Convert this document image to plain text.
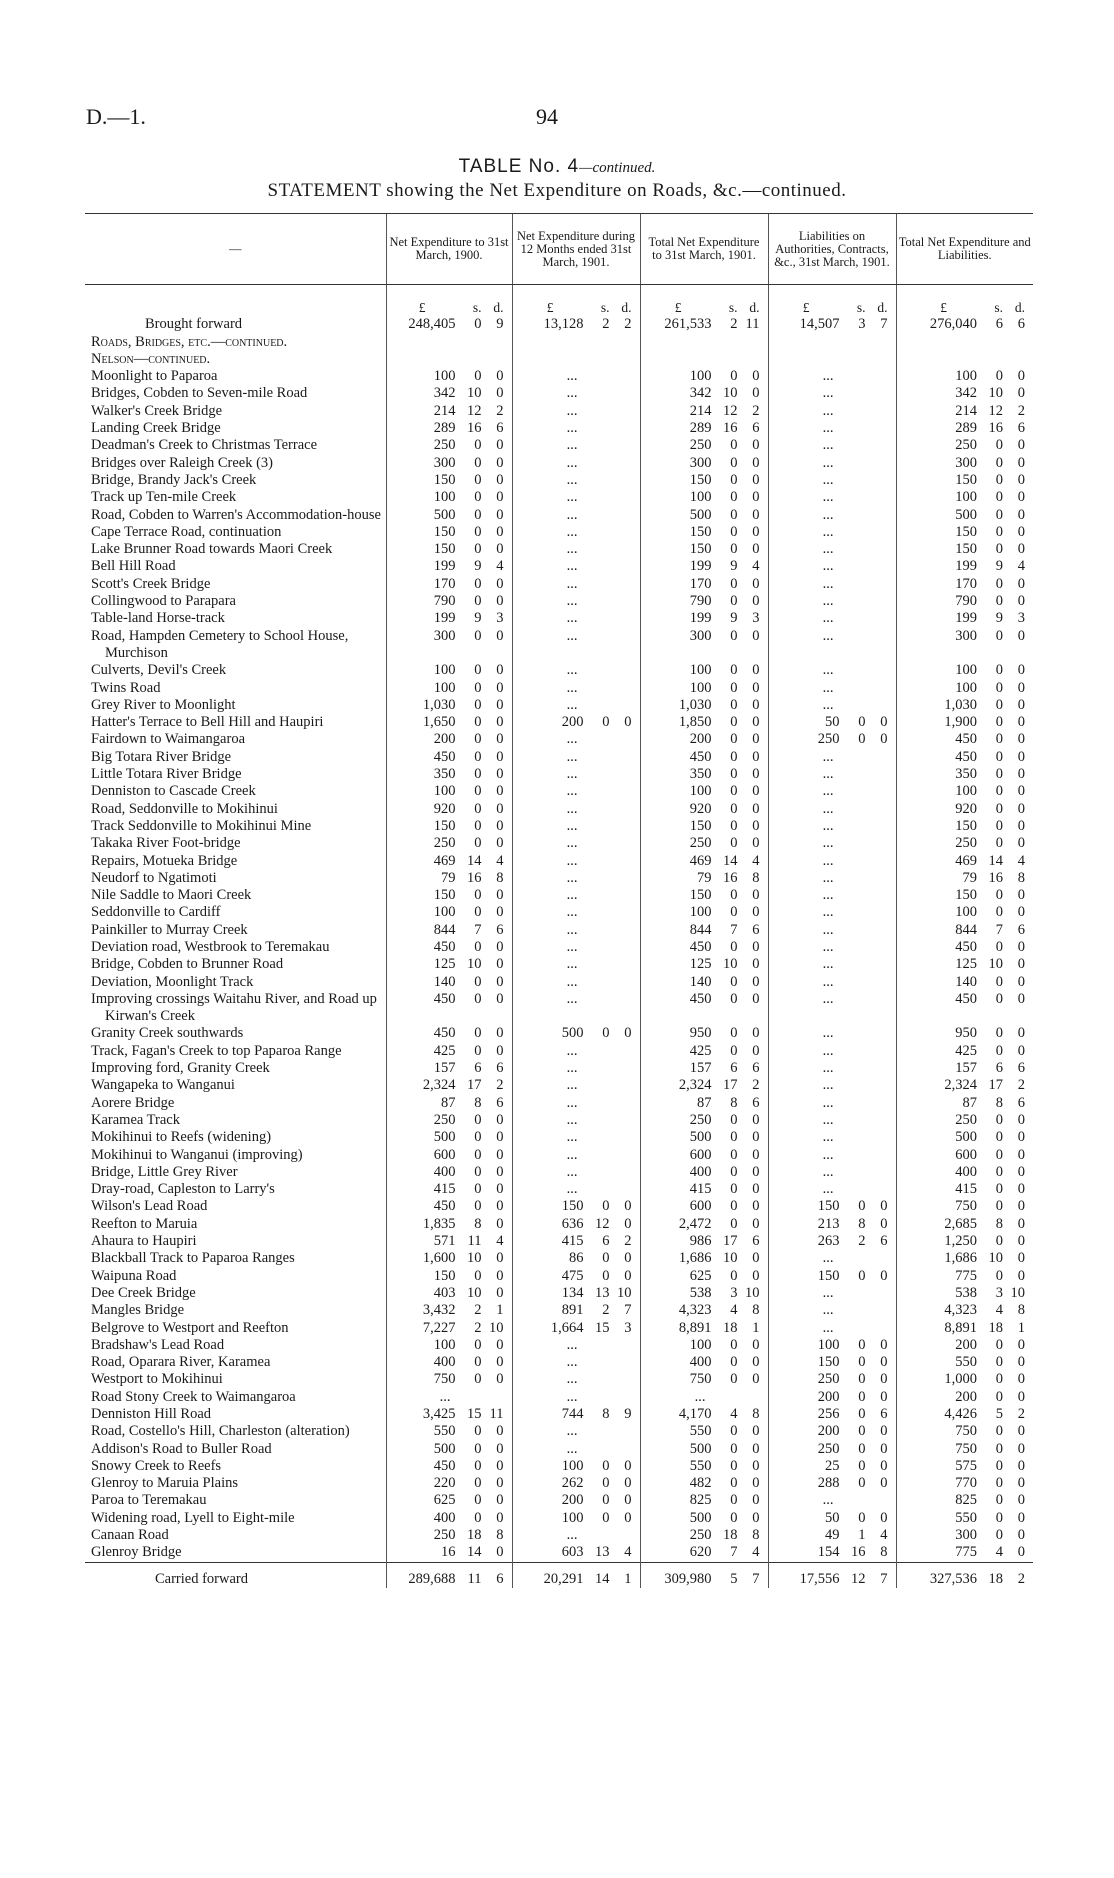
D.—1.	94
TABLE No. 4—continued.
STATEMENT showing the Net Expenditure on Roads, &c.—continued.
—	Net Expenditure to 31st March, 1900.	Net Expenditure during 12 Months ended 31st March, 1901.	Total Net Expenditure to 31st March, 1901.	Liabilities on Authorities, Contracts, &c., 31st March, 1901.	Total Net Expenditure and Liabilities.

	£ s. d.	£ s. d.	£ s. d.	£ s. d.	£ s. d.

Brought forward	248,405 0 9	13,128 2 2	261,533 2 11	14,507 3 7	276,040 6 6

Roads, Bridges, etc.—continued.					
Nelson—continued.					
Moonlight to Paparoa	100 0 0	...	100 0 0	...	100 0 0

Bridges, Cobden to Seven-mile Road	342 10 0	...	342 10 0	...	342 10 0

Walker's Creek Bridge	214 12 2	...	214 12 2	...	214 12 2

Landing Creek Bridge	289 16 6	...	289 16 6	...	289 16 6

Deadman's Creek to Christmas Terrace	250 0 0	...	250 0 0	...	250 0 0

Bridges over Raleigh Creek (3)	300 0 0	...	300 0 0	...	300 0 0

Bridge, Brandy Jack's Creek	150 0 0	...	150 0 0	...	150 0 0

Track up Ten-mile Creek	100 0 0	...	100 0 0	...	100 0 0

Road, Cobden to Warren's Accommodation-house	500 0 0	...	500 0 0	...	500 0 0

Cape Terrace Road, continuation	150 0 0	...	150 0 0	...	150 0 0

Lake Brunner Road towards Maori Creek	150 0 0	...	150 0 0	...	150 0 0

Bell Hill Road	199 9 4	...	199 9 4	...	199 9 4

Scott's Creek Bridge	170 0 0	...	170 0 0	...	170 0 0

Collingwood to Parapara	790 0 0	...	790 0 0	...	790 0 0

Table-land Horse-track	199 9 3	...	199 9 3	...	199 9 3

Road, Hampden Cemetery to School House, Murchison	300 0 0	...	300 0 0	...	300 0 0

Culverts, Devil's Creek	100 0 0	...	100 0 0	...	100 0 0

Twins Road	100 0 0	...	100 0 0	...	100 0 0

Grey River to Moonlight	1,030 0 0	...	1,030 0 0	...	1,030 0 0

Hatter's Terrace to Bell Hill and Haupiri	1,650 0 0	200 0 0	1,850 0 0	50 0 0	1,900 0 0

Fairdown to Waimangaroa	200 0 0	...	200 0 0	250 0 0	450 0 0

Big Totara River Bridge	450 0 0	...	450 0 0	...	450 0 0

Little Totara River Bridge	350 0 0	...	350 0 0	...	350 0 0

Denniston to Cascade Creek	100 0 0	...	100 0 0	...	100 0 0

Road, Seddonville to Mokihinui	920 0 0	...	920 0 0	...	920 0 0

Track Seddonville to Mokihinui Mine	150 0 0	...	150 0 0	...	150 0 0

Takaka River Foot-bridge	250 0 0	...	250 0 0	...	250 0 0

Repairs, Motueka Bridge	469 14 4	...	469 14 4	...	469 14 4

Neudorf to Ngatimoti	79 16 8	...	79 16 8	...	79 16 8

Nile Saddle to Maori Creek	150 0 0	...	150 0 0	...	150 0 0

Seddonville to Cardiff	100 0 0	...	100 0 0	...	100 0 0

Painkiller to Murray Creek	844 7 6	...	844 7 6	...	844 7 6

Deviation road, Westbrook to Teremakau	450 0 0	...	450 0 0	...	450 0 0

Bridge, Cobden to Brunner Road	125 10 0	...	125 10 0	...	125 10 0

Deviation, Moonlight Track	140 0 0	...	140 0 0	...	140 0 0

Improving crossings Waitahu River, and Road up Kirwan's Creek	450 0 0	...	450 0 0	...	450 0 0

Granity Creek southwards	450 0 0	500 0 0	950 0 0	...	950 0 0

Track, Fagan's Creek to top Paparoa Range	425 0 0	...	425 0 0	...	425 0 0

Improving ford, Granity Creek	157 6 6	...	157 6 6	...	157 6 6

Wangapeka to Wanganui	2,324 17 2	...	2,324 17 2	...	2,324 17 2

Aorere Bridge	87 8 6	...	87 8 6	...	87 8 6

Karamea Track	250 0 0	...	250 0 0	...	250 0 0

Mokihinui to Reefs (widening)	500 0 0	...	500 0 0	...	500 0 0

Mokihinui to Wanganui (improving)	600 0 0	...	600 0 0	...	600 0 0

Bridge, Little Grey River	400 0 0	...	400 0 0	...	400 0 0

Dray-road, Capleston to Larry's	415 0 0	...	415 0 0	...	415 0 0

Wilson's Lead Road	450 0 0	150 0 0	600 0 0	150 0 0	750 0 0

Reefton to Maruia	1,835 8 0	636 12 0	2,472 0 0	213 8 0	2,685 8 0

Ahaura to Haupiri	571 11 4	415 6 2	986 17 6	263 2 6	1,250 0 0

Blackball Track to Paparoa Ranges	1,600 10 0	86 0 0	1,686 10 0	...	1,686 10 0

Waipuna Road	150 0 0	475 0 0	625 0 0	150 0 0	775 0 0

Dee Creek Bridge	403 10 0	134 13 10	538 3 10	...	538 3 10

Mangles Bridge	3,432 2 1	891 2 7	4,323 4 8	...	4,323 4 8

Belgrove to Westport and Reefton	7,227 2 10	1,664 15 3	8,891 18 1	...	8,891 18 1

Bradshaw's Lead Road	100 0 0	...	100 0 0	100 0 0	200 0 0

Road, Oparara River, Karamea	400 0 0	...	400 0 0	150 0 0	550 0 0

Westport to Mokihinui	750 0 0	...	750 0 0	250 0 0	1,000 0 0

Road Stony Creek to Waimangaroa	...	...	...	200 0 0	200 0 0

Denniston Hill Road	3,425 15 11	744 8 9	4,170 4 8	256 0 6	4,426 5 2

Road, Costello's Hill, Charleston (alteration)	550 0 0	...	550 0 0	200 0 0	750 0 0

Addison's Road to Buller Road	500 0 0	...	500 0 0	250 0 0	750 0 0

Snowy Creek to Reefs	450 0 0	100 0 0	550 0 0	25 0 0	575 0 0

Glenroy to Maruia Plains	220 0 0	262 0 0	482 0 0	288 0 0	770 0 0

Paroa to Teremakau	625 0 0	200 0 0	825 0 0	...	825 0 0

Widening road, Lyell to Eight-mile	400 0 0	100 0 0	500 0 0	50 0 0	550 0 0

Canaan Road	250 18 8	...	250 18 8	49 1 4	300 0 0

Glenroy Bridge	16 14 0	603 13 4	620 7 4	154 16 8	775 4 0

Carried forward	289,688 11 6	20,291 14 1	309,980 5 7	17,556 12 7	327,536 18 2
